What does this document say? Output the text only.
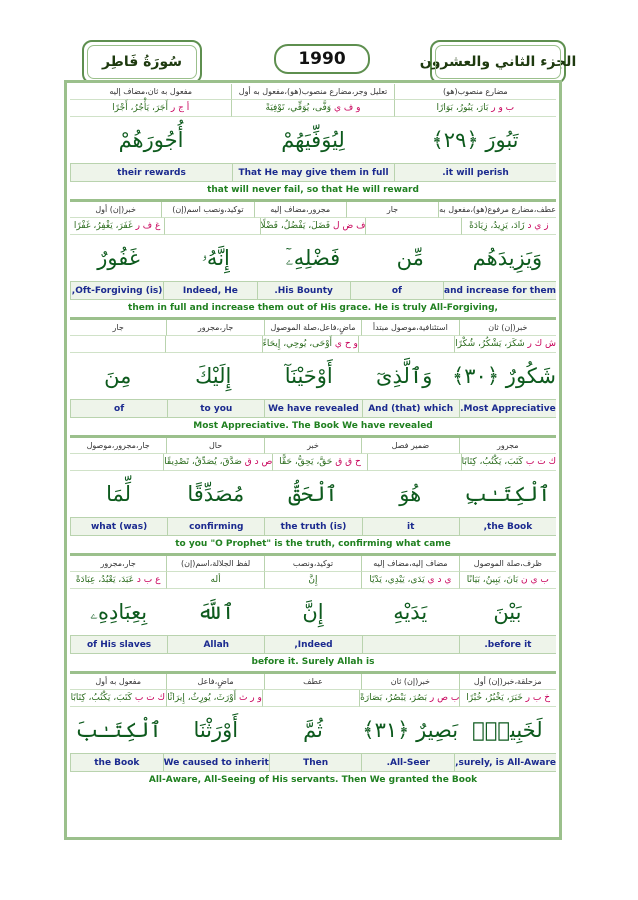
سُورَةُ فَاطِر	1990	الجزء الثاني والعشرون
مضارع منصوب(هو)
تعليل وجر،مضارع منصوب(هو)،مفعول به أول
مفعول به ثان،مضاف إليه
ب و ر بَارَ، يَبُورُ، بَوَارًا
و ف ي وَفَّى، يُوَفِّي، تَوْفِيَةً
أ ج ر أَجَرَ، يَأْجُرُ، أَجْرًا
تَبُورَ ﴿٢٩﴾
لِيُوَفِّيَهُمْ
أُجُورَهُمْ
it will perish.
That He may give them in full
their rewards
that will never fail, so that He will reward
عطف،مضارع مرفوع(هو)،مفعول به
جار
مجرور،مضاف إليه
توكيد،ونصب اسم(إن)
خبر(إن) أول
ز ي د زَادَ، يَزِيدُ، زِيَادَةً
ف ض ل فَضَلَ، يَفْضُلُ، فَضْلًا
غ ف ر غَفَرَ، يَغْفِرُ، غَفْرًا
وَيَزِيدَهُم
مِّن
فَضْلِهِۦٓ
إِنَّهُۥ
غَفُورٌ
and increase for them
of
His Bounty.
Indeed, He
(is) Oft-Forgiving,
them in full and increase them out of His grace. He is truly All-Forgiving,
خبر(إن) ثان
استئنافية،موصول مبتدأ
ماضٍ،فاعل،صلة الموصول
جار،مجرور
جار
ش ك ر شَكَرَ، يَشْكُرُ، شُكْرًا
و ح ي أَوْحَى، يُوحِي، إِيحَاءً
شَكُورٌ ﴿٣٠﴾
وَٱلَّذِىٓ
أَوْحَيْنَآ
إِلَيْكَ
مِنَ
Most Appreciative.
And (that) which
We have revealed
to you
of
Most Appreciative. The Book We have revealed
مجرور
ضمير فصل
خبر
حال
جار،مجرور،موصول
ك ت ب كَتَبَ، يَكْتُبُ، كِتَابًا
ح ق ق حَقَّ، يَحِقُّ، حَقًّا
ص د ق صَدَّقَ، يُصَدِّقُ، تَصْدِيقًا
ٱلْكِتَـٰبِ
هُوَ
ٱلْحَقُّ
مُصَدِّقًا
لِّمَا
the Book,
it
(is) the truth
confirming
what (was)
to you "O Prophet" is the truth, confirming what came
ظرف،صلة الموصول
مضاف إليه،مضاف إليه
توكيد،ونصب
لفظ الجلالة،اسم(إن)
جار،مجرور
ب ي ن بَانَ، يَبِينُ، بَيَانًا
ي د ي يَدَى، يَيْدِي، يَدْيًا
إِنَّ
أله
ع ب د عَبَدَ، يَعْبُدُ، عِبَادَةً
بَيْنَ
يَدَيْهِ
إِنَّ
ٱللَّهَ
بِعِبَادِهِۦ
before it.
Indeed,
Allah
of His slaves
before it. Surely Allah is
مزحلقة،خبر(إن) أول
خبر(إن) ثان
عطف
ماضٍ،فاعل
مفعول به أول
خ ب ر خَبَرَ، يَخْبُرُ، خُبْرًا
ب ص ر بَصُرَ، يَبْصُرُ، بَصَارَةً
و ر ث أَوْرَثَ، يُورِثُ، إِيرَاثًا
ك ت ب كَتَبَ، يَكْتُبُ، كِتَابًا
لَخَبِيرٌۢ
بَصِيرٌ ﴿٣١﴾
ثُمَّ
أَوْرَثْنَا
ٱلْكِتَـٰبَ
surely, is All-Aware,
All-Seer.
Then
We caused to inherit
the Book
All-Aware, All-Seeing of His servants. Then We granted the Book
